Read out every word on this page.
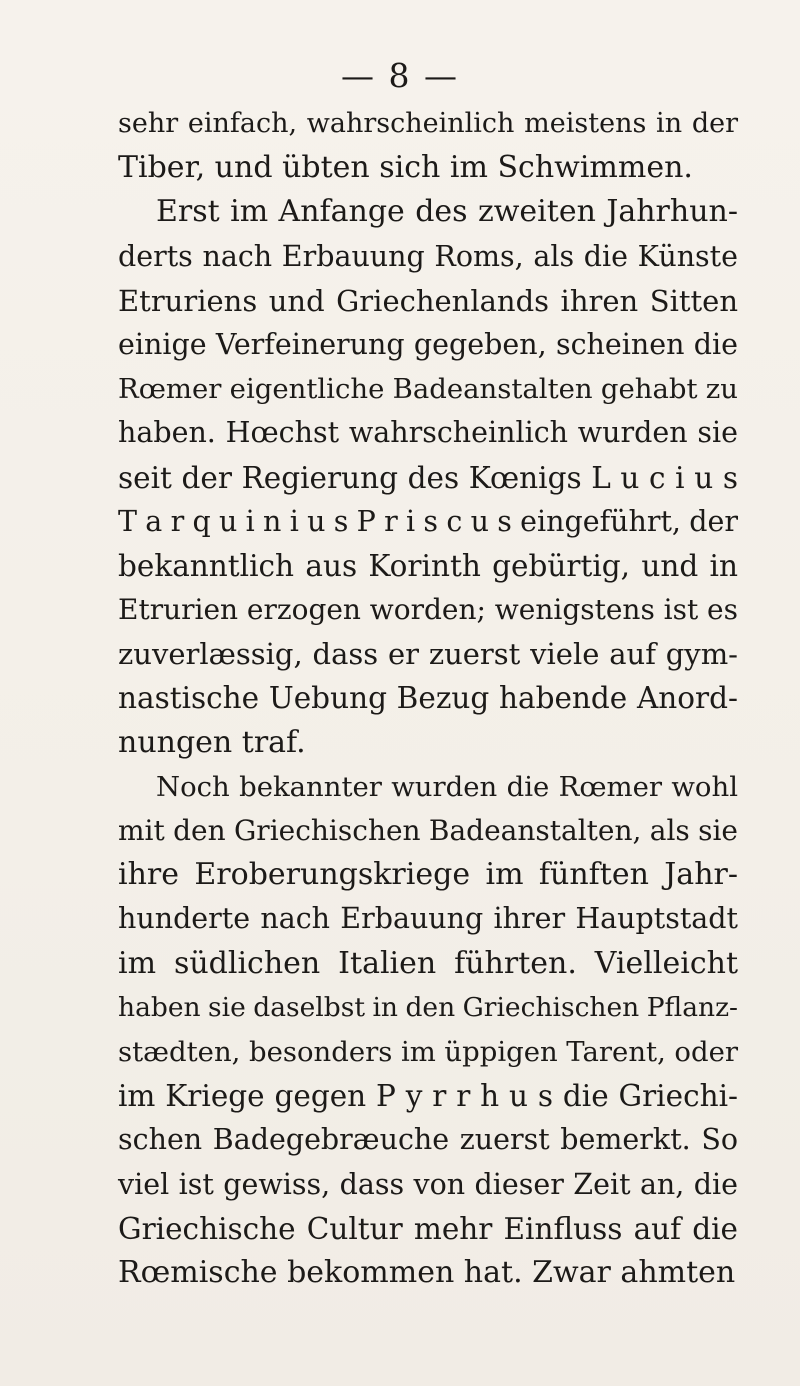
— 8 —
sehr einfach, wahrscheinlich meistens in der
Tiber, und übten sich im Schwimmen.
Erst im Anfange des zweiten Jahrhun-
derts nach Erbauung Roms, als die Künste
Etruriens und Griechenlands ihren Sitten
einige Verfeinerung gegeben, scheinen die
Rœmer eigentliche Badeanstalten gehabt zu
haben. Hœchst wahrscheinlich wurden sie
seit der Regierung des Kœnigs L u c i u s
T a r q u i n i u s P r i s c u s eingeführt, der
bekanntlich aus Korinth gebürtig, und in
Etrurien erzogen worden; wenigstens ist es
zuverlæssig, dass er zuerst viele auf gym-
nastische Uebung Bezug habende Anord-
nungen traf.
Noch bekannter wurden die Rœmer wohl
mit den Griechischen Badeanstalten, als sie
ihre Eroberungskriege im fünften Jahr-
hunderte nach Erbauung ihrer Hauptstadt
im südlichen Italien führten. Vielleicht
haben sie daselbst in den Griechischen Pflanz-
stædten, besonders im üppigen Tarent, oder
im Kriege gegen P y r r h u s die Griechi-
schen Badegebræuche zuerst bemerkt. So
viel ist gewiss, dass von dieser Zeit an, die
Griechische Cultur mehr Einfluss auf die
Rœmische bekommen hat. Zwar ahmten
